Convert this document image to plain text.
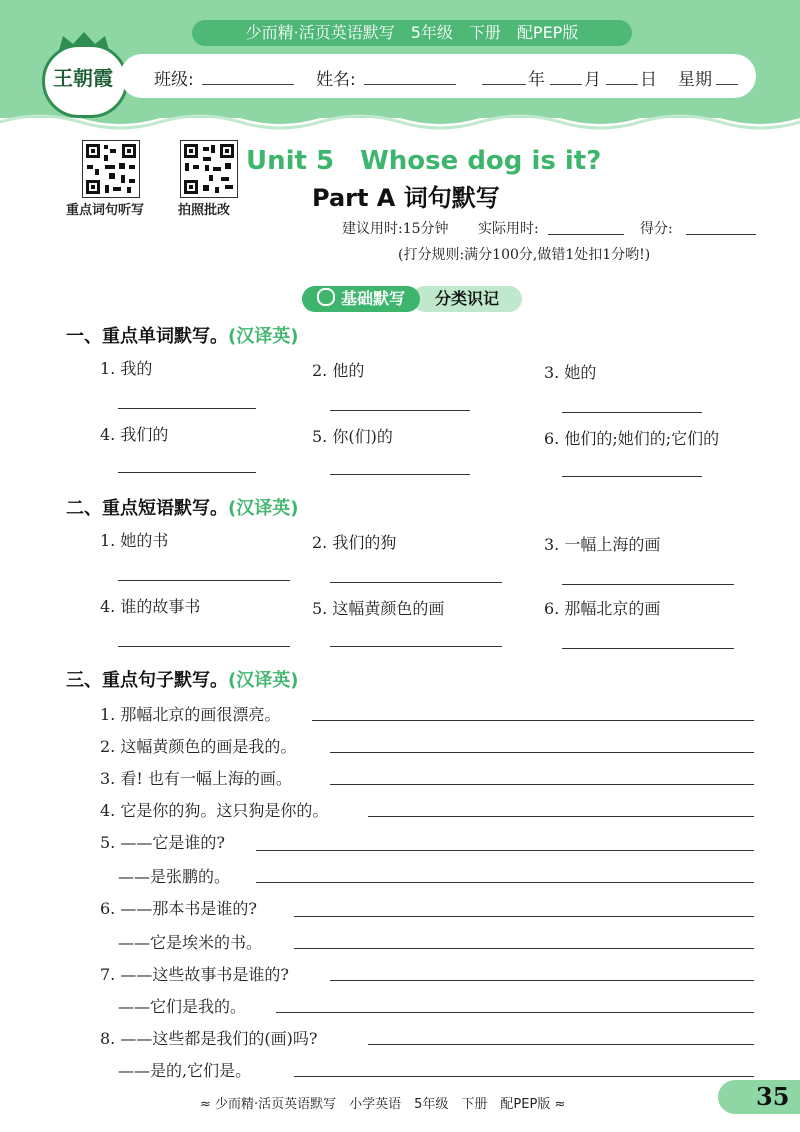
少而精·活页英语默写　5年级　下册　配PEP版
王朝霞 班级:	姓名:	年 月 日 星期
重点词句听写	拍照批改
Unit 5　Whose dog is it?
Part A 词句默写
建议用时:15分钟 实际用时:	得分:
(打分规则:满分100分,做错1处扣1分哟!)
分类识记
基础默写
一、重点单词默写。(汉译英)
1. 我的	2. 他的	3. 她的
4. 我们的	5. 你(们)的	6. 他们的;她们的;它们的
二、重点短语默写。(汉译英)
1. 她的书	2. 我们的狗	3. 一幅上海的画
4. 谁的故事书	5. 这幅黄颜色的画	6. 那幅北京的画
三、重点句子默写。(汉译英)
1. 那幅北京的画很漂亮。
2. 这幅黄颜色的画是我的。
3. 看! 也有一幅上海的画。
4. 它是你的狗。这只狗是你的。
5. ——它是谁的?
——是张鹏的。
6. ——那本书是谁的?
——它是埃米的书。
7. ——这些故事书是谁的?
——它们是我的。
8. ——这些都是我们的(画)吗?
——是的,它们是。
≈ 少而精·活页英语默写　小学英语　5年级　下册　配PEP版 ≈	35
